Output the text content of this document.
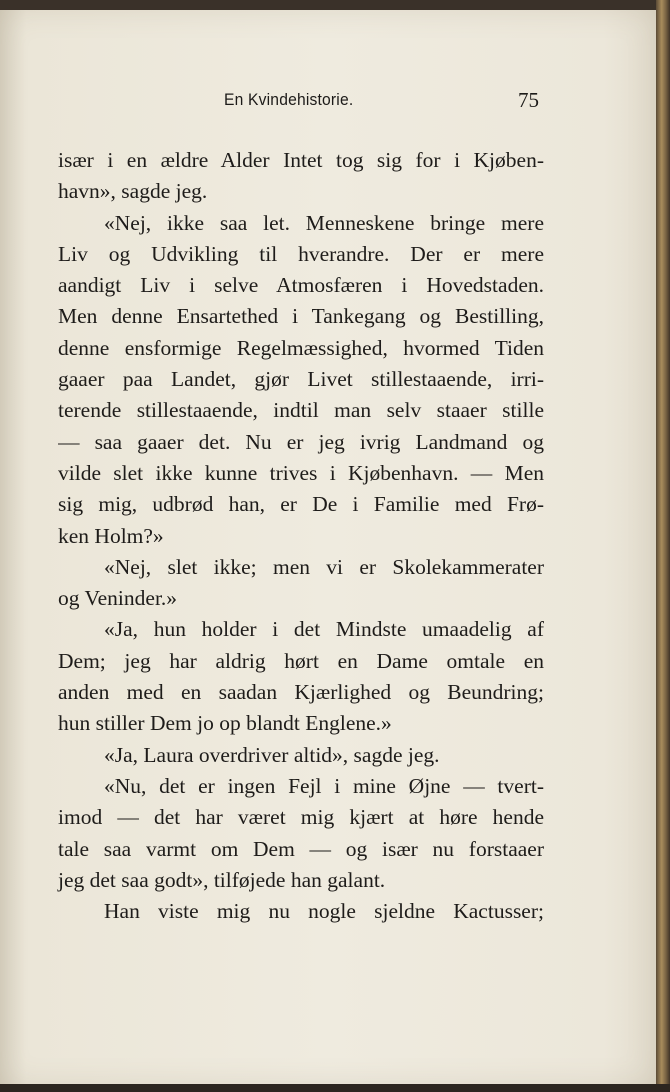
En Kvindehistorie.	75
især i en ældre Alder Intet tog sig for i Kjøben-
havn», sagde jeg.
«Nej, ikke saa let. Menneskene bringe mere
Liv og Udvikling til hverandre. Der er mere
aandigt Liv i selve Atmosfæren i Hovedstaden.
Men denne Ensartethed i Tankegang og Bestilling,
denne ensformige Regelmæssighed, hvormed Tiden
gaaer paa Landet, gjør Livet stillestaaende, irri-
terende stillestaaende, indtil man selv staaer stille
— saa gaaer det. Nu er jeg ivrig Landmand og
vilde slet ikke kunne trives i Kjøbenhavn. — Men
sig mig, udbrød han, er De i Familie med Frø-
ken Holm?»
«Nej, slet ikke; men vi er Skolekammerater
og Veninder.»
«Ja, hun holder i det Mindste umaadelig af
Dem; jeg har aldrig hørt en Dame omtale en
anden med en saadan Kjærlighed og Beundring;
hun stiller Dem jo op blandt Englene.»
«Ja, Laura overdriver altid», sagde jeg.
«Nu, det er ingen Fejl i mine Øjne — tvert-
imod — det har været mig kjært at høre hende
tale saa varmt om Dem — og især nu forstaaer
jeg det saa godt», tilføjede han galant.
Han viste mig nu nogle sjeldne Kactusser;
